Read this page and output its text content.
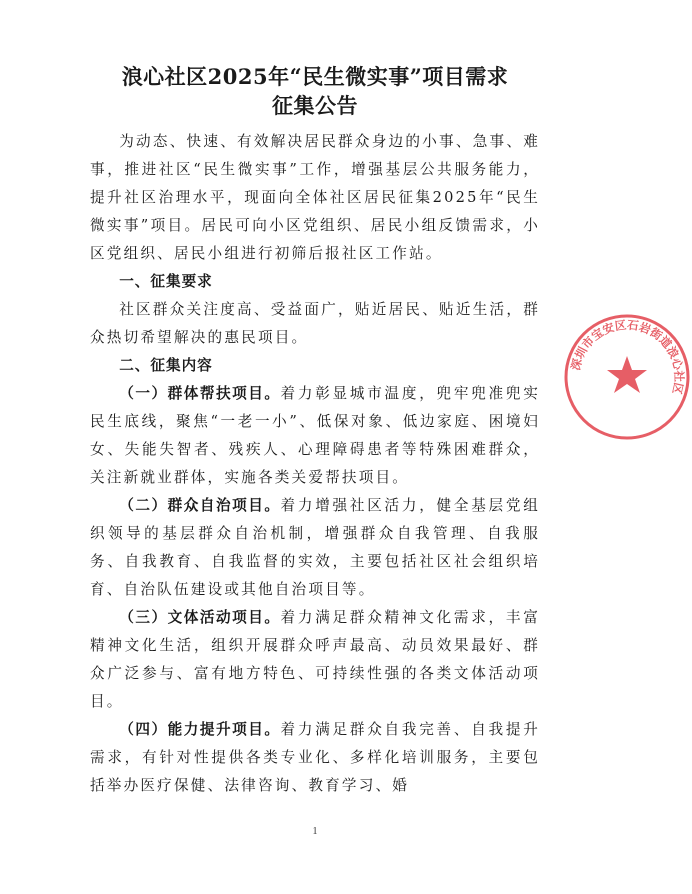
浪心社区2025年“民生微实事”项目需求
征集公告

为动态、快速、有效解决居民群众身边的小事、急事、难事，推进社区“民生微实事”工作，增强基层公共服务能力，提升社区治理水平，现面向全体社区居民征集2025年“民生微实事”项目。居民可向小区党组织、居民小组反馈需求，小区党组织、居民小组进行初筛后报社区工作站。

一、征集要求

社区群众关注度高、受益面广，贴近居民、贴近生活，群众热切希望解决的惠民项目。

二、征集内容

（一）群体帮扶项目。着力彰显城市温度，兜牢兜准兜实民生底线，聚焦“一老一小”、低保对象、低边家庭、困境妇女、失能失智者、残疾人、心理障碍患者等特殊困难群众，关注新就业群体，实施各类关爱帮扶项目。

（二）群众自治项目。着力增强社区活力，健全基层党组织领导的基层群众自治机制，增强群众自我管理、自我服务、自我教育、自我监督的实效，主要包括社区社会组织培育、自治队伍建设或其他自治项目等。

（三）文体活动项目。着力满足群众精神文化需求，丰富精神文化生活，组织开展群众呼声最高、动员效果最好、群众广泛参与、富有地方特色、可持续性强的各类文体活动项目。

（四）能力提升项目。着力满足群众自我完善、自我提升需求，有针对性提供各类专业化、多样化培训服务，主要包括举办医疗保健、法律咨询、教育学习、婚

深圳市宝安区石岩街道浪心社区
1
